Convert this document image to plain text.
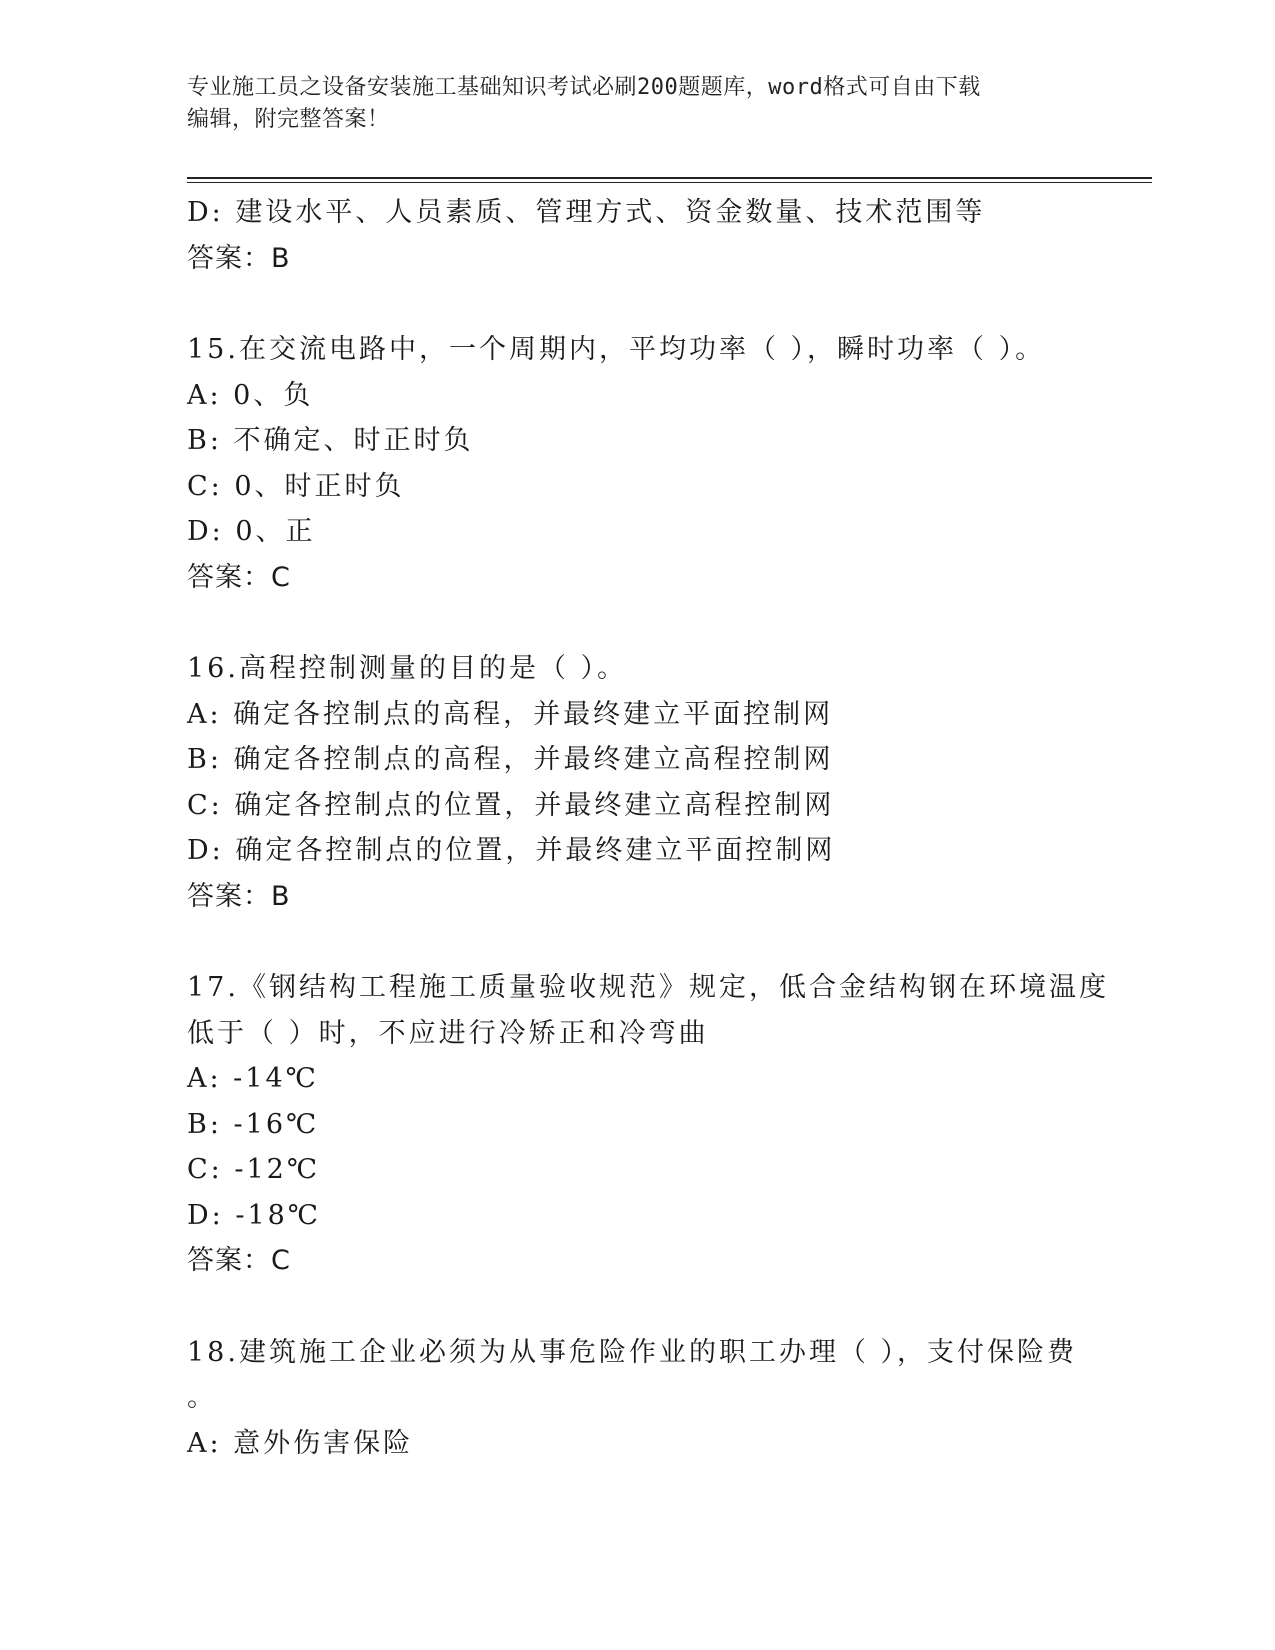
专业施工员之设备安装施工基础知识考试必刷200题题库，word格式可自由下载
编辑，附完整答案！
D: 建设水平、人员素质、管理方式、资金数量、技术范围等
答案：B
15.在交流电路中，一个周期内，平均功率（ ），瞬时功率（ ）。
A: 0、负
B: 不确定、时正时负
C: 0、时正时负
D: 0、正
答案：C
16.高程控制测量的目的是（ ）。
A: 确定各控制点的高程，并最终建立平面控制网
B: 确定各控制点的高程，并最终建立高程控制网
C: 确定各控制点的位置，并最终建立高程控制网
D: 确定各控制点的位置，并最终建立平面控制网
答案：B
17.《钢结构工程施工质量验收规范》规定，低合金结构钢在环境温度
低于（ ）时，不应进行冷矫正和冷弯曲
A: -14℃
B: -16℃
C: -12℃
D: -18℃
答案：C
18.建筑施工企业必须为从事危险作业的职工办理（ ），支付保险费
。
A: 意外伤害保险
